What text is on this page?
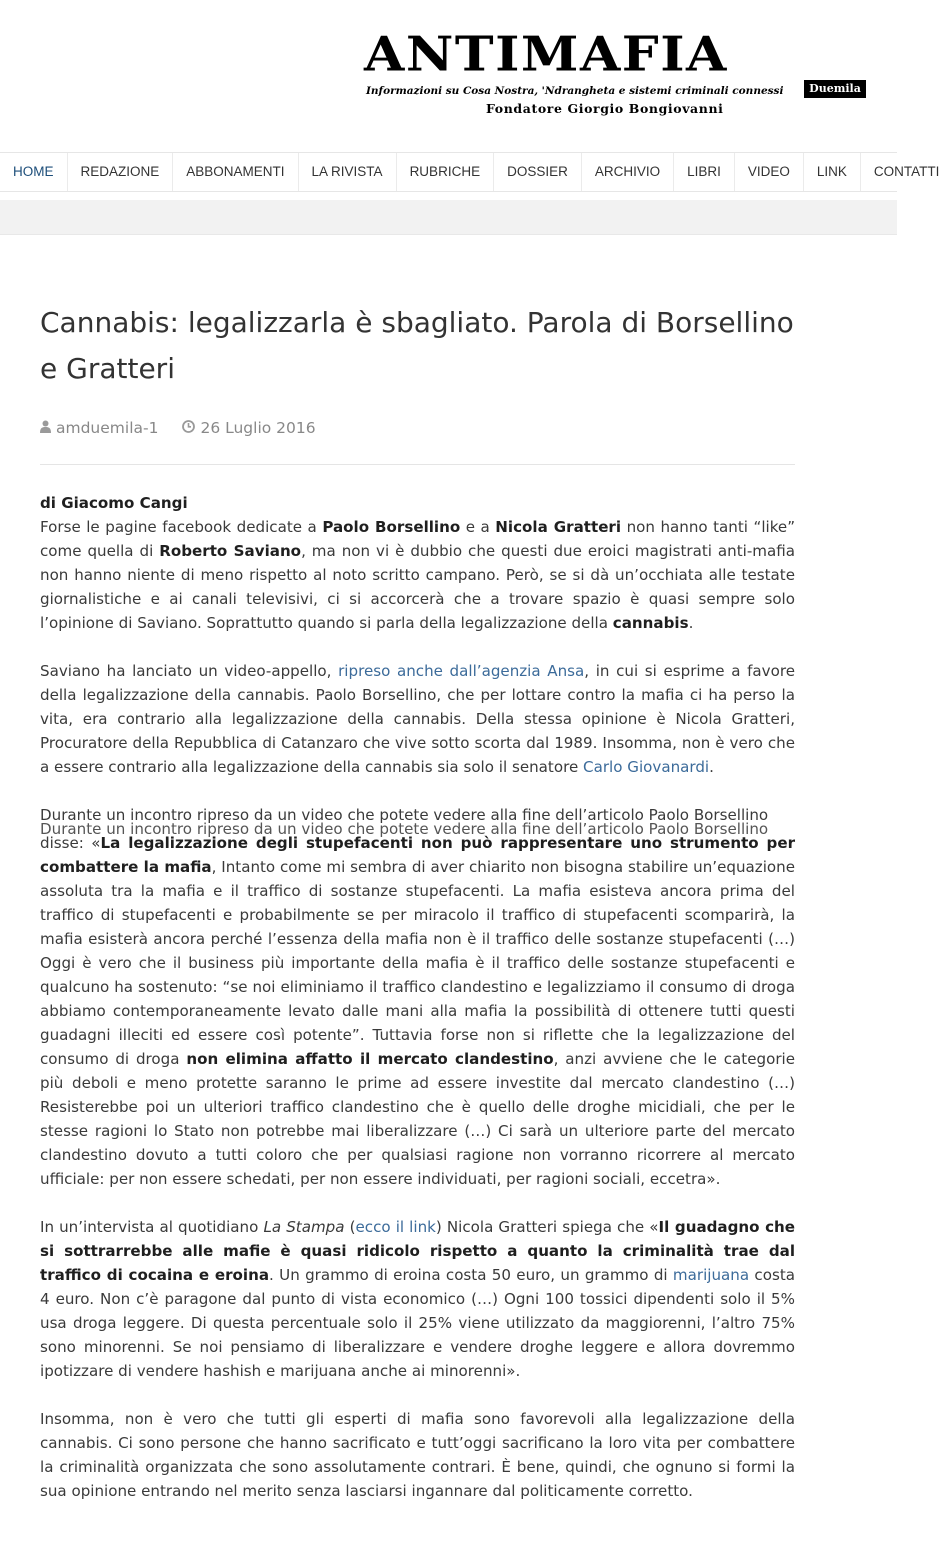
ANTIMAFIA
Informazioni su Cosa Nostra, 'Ndrangheta e sistemi criminali connessi	Duemila
Fondatore Giorgio Bongiovanni
HOME	REDAZIONE	ABBONAMENTI	LA RIVISTA	RUBRICHE	DOSSIER	ARCHIVIO	LIBRI	VIDEO	LINK	CONTATTI
Cannabis: legalizzarla è sbagliato. Parola di Borsellino e Gratteri
amduemila-1	26 Luglio 2016

di Giacomo Cangi
Forse le pagine facebook dedicate a Paolo Borsellino e a Nicola Gratteri non hanno tanti “like” come quella di Roberto Saviano, ma non vi è dubbio che questi due eroici magistrati anti-mafia non hanno niente di meno rispetto al noto scritto campano. Però, se si dà un’occhiata alle testate giornalistiche e ai canali televisivi, ci si accorcerà che a trovare spazio è quasi sempre solo l’opinione di Saviano. Soprattutto quando si parla della legalizzazione della cannabis.

Saviano ha lanciato un video-appello, ripreso anche dall’agenzia Ansa, in cui si esprime a favore della legalizzazione della cannabis. Paolo Borsellino, che per lottare contro la mafia ci ha perso la vita, era contrario alla legalizzazione della cannabis. Della stessa opinione è Nicola Gratteri, Procuratore della Repubblica di Catanzaro che vive sotto scorta dal 1989. Insomma, non è vero che a essere contrario alla legalizzazione della cannabis sia solo il senatore Carlo Giovanardi.

Durante un incontro ripreso da un video che potete vedere alla fine dell’articolo Paolo Borsellino
Durante un incontro ripreso da un video che potete vedere alla fine dell’articolo Paolo Borsellino
disse: «La legalizzazione degli stupefacenti non può rappresentare uno strumento per combattere la mafia, Intanto come mi sembra di aver chiarito non bisogna stabilire un’equazione assoluta tra la mafia e il traffico di sostanze stupefacenti. La mafia esisteva ancora prima del traffico di stupefacenti e probabilmente se per miracolo il traffico di stupefacenti scomparirà, la mafia esisterà ancora perché l’essenza della mafia non è il traffico delle sostanze stupefacenti (…) Oggi è vero che il business più importante della mafia è il traffico delle sostanze stupefacenti e qualcuno ha sostenuto: “se noi eliminiamo il traffico clandestino e legalizziamo il consumo di droga abbiamo contemporaneamente levato dalle mani alla mafia la possibilità di ottenere tutti questi guadagni illeciti ed essere così potente”. Tuttavia forse non si riflette che la legalizzazione del consumo di droga non elimina affatto il mercato clandestino, anzi avviene che le categorie più deboli e meno protette saranno le prime ad essere investite dal mercato clandestino (…) Resisterebbe poi un ulteriori traffico clandestino che è quello delle droghe micidiali, che per le stesse ragioni lo Stato non potrebbe mai liberalizzare (…) Ci sarà un ulteriore parte del mercato clandestino dovuto a tutti coloro che per qualsiasi ragione non vorranno ricorrere al mercato ufficiale: per non essere schedati, per non essere individuati, per ragioni sociali, eccetra».

In un’intervista al quotidiano La Stampa (ecco il link) Nicola Gratteri spiega che «Il guadagno che si sottrarrebbe alle mafie è quasi ridicolo rispetto a quanto la criminalità trae dal traffico di cocaina e eroina. Un grammo di eroina costa 50 euro, un grammo di marijuana costa 4 euro. Non c’è paragone dal punto di vista economico (…) Ogni 100 tossici dipendenti solo il 5% usa droga leggere. Di questa percentuale solo il 25% viene utilizzato da maggiorenni, l’altro 75% sono minorenni. Se noi pensiamo di liberalizzare e vendere droghe leggere e allora dovremmo ipotizzare di vendere hashish e marijuana anche ai minorenni».

Insomma, non è vero che tutti gli esperti di mafia sono favorevoli alla legalizzazione della cannabis. Ci sono persone che hanno sacrificato e tutt’oggi sacrificano la loro vita per combattere la criminalità organizzata che sono assolutamente contrari. È bene, quindi, che ognuno si formi la sua opinione entrando nel merito senza lasciarsi ingannare dal politicamente corretto.
